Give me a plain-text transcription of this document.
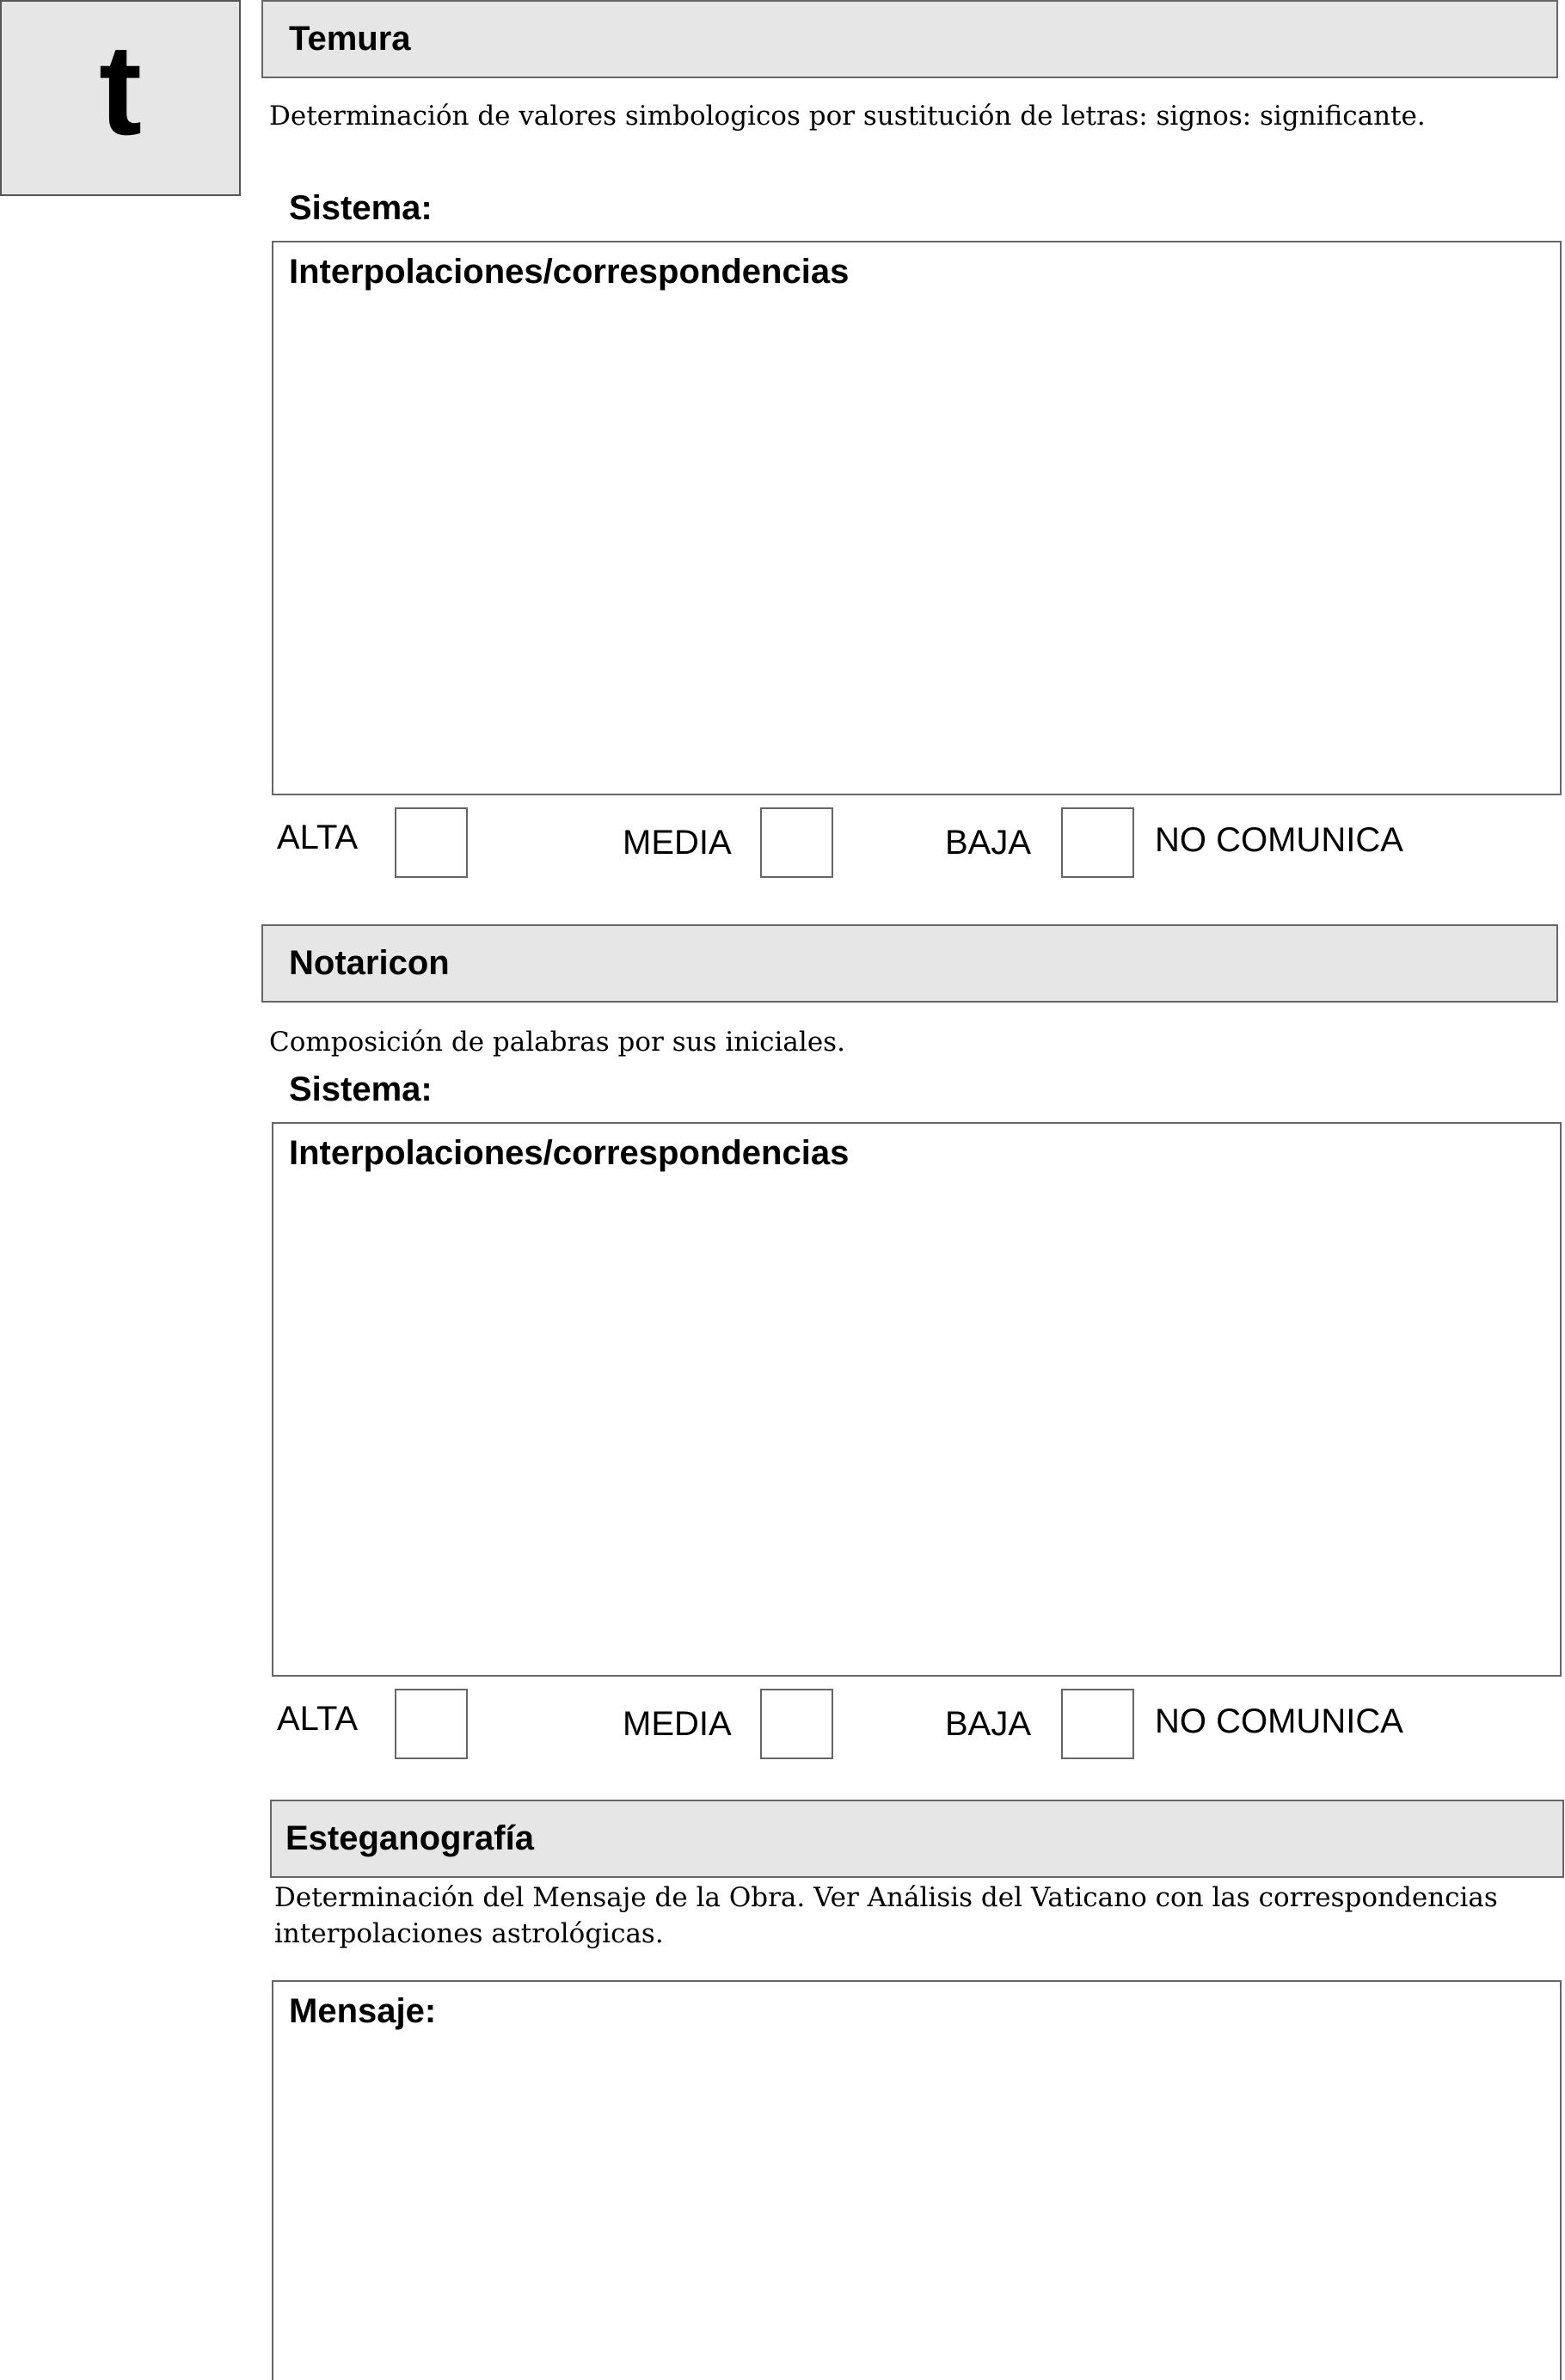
t	Temura
Determinación de valores simbologicos por sustitución de letras: signos: significante.
Sistema:
Interpolaciones/correspondencias
ALTA	MEDIA	BAJA	NO COMUNICA
Notaricon
Composición de palabras por sus iniciales.
Sistema:
Interpolaciones/correspondencias
ALTA	MEDIA	BAJA	NO COMUNICA
Esteganografía
Determinación del Mensaje de la Obra. Ver Análisis del Vaticano con las correspondencias
interpolaciones astrológicas.
Mensaje:
